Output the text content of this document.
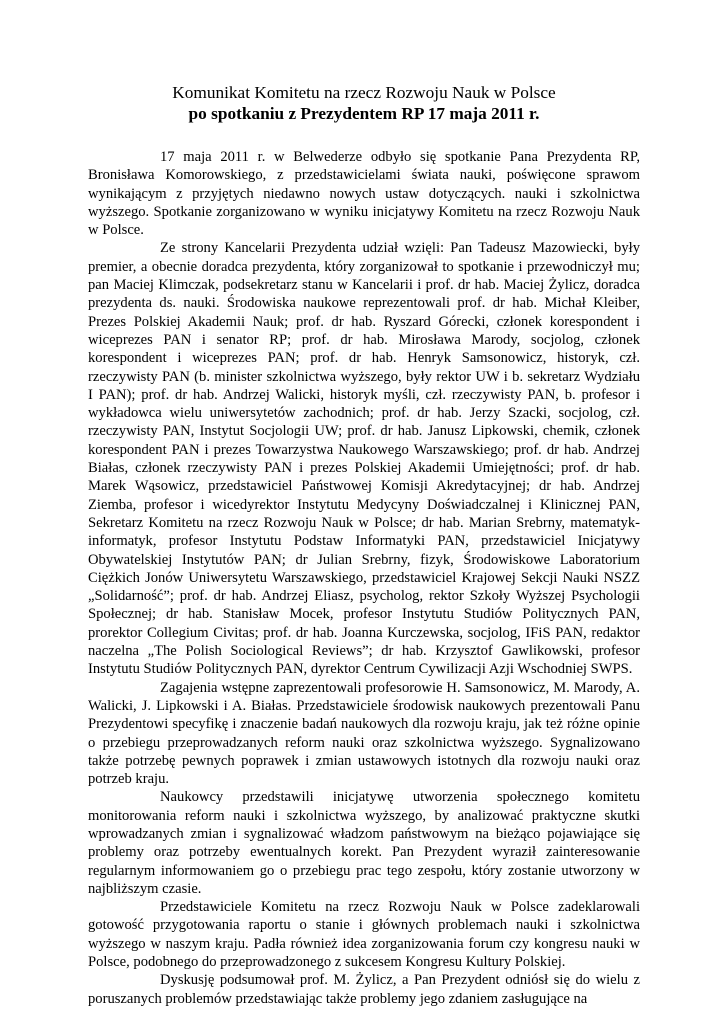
Komunikat Komitetu na rzecz Rozwoju Nauk w Polsce
po spotkaniu z Prezydentem RP 17 maja 2011 r.

17 maja 2011 r. w Belwederze odbyło się spotkanie Pana Prezydenta RP, Bronisława Komorowskiego, z przedstawicielami świata nauki, poświęcone sprawom wynikającym z przyjętych niedawno nowych ustaw dotyczących. nauki i szkolnictwa wyższego. Spotkanie zorganizowano w wyniku inicjatywy Komitetu na rzecz Rozwoju Nauk w Polsce.

Ze strony Kancelarii Prezydenta udział wzięli: Pan Tadeusz Mazowiecki, były premier, a obecnie doradca prezydenta, który zorganizował to spotkanie i przewodniczył mu; pan Maciej Klimczak, podsekretarz stanu w Kancelarii i prof. dr hab. Maciej Żylicz, doradca prezydenta ds. nauki. Środowiska naukowe reprezentowali prof. dr hab. Michał Kleiber, Prezes Polskiej Akademii Nauk; prof. dr hab. Ryszard Górecki, członek korespondent i wiceprezes PAN i senator RP; prof. dr hab. Mirosława Marody, socjolog, członek korespondent i wiceprezes PAN; prof. dr hab. Henryk Samsonowicz, historyk, czł. rzeczywisty PAN (b. minister szkolnictwa wyższego, były rektor UW i b. sekretarz Wydziału I PAN); prof. dr hab. Andrzej Walicki, historyk myśli, czł. rzeczywisty PAN, b. profesor i wykładowca wielu uniwersytetów zachodnich; prof. dr hab. Jerzy Szacki, socjolog, czł. rzeczywisty PAN, Instytut Socjologii UW; prof. dr hab. Janusz Lipkowski, chemik, członek korespondent PAN i prezes Towarzystwa Naukowego Warszawskiego; prof. dr hab. Andrzej Białas, członek rzeczywisty PAN i prezes Polskiej Akademii Umiejętności; prof. dr hab. Marek Wąsowicz, przedstawiciel Państwowej Komisji Akredytacyjnej; dr hab. Andrzej Ziemba, profesor i wicedyrektor Instytutu Medycyny Doświadczalnej i Klinicznej PAN, Sekretarz Komitetu na rzecz Rozwoju Nauk w Polsce; dr hab. Marian Srebrny, matematyk-informatyk, profesor Instytutu Podstaw Informatyki PAN, przedstawiciel Inicjatywy Obywatelskiej Instytutów PAN; dr Julian Srebrny, fizyk, Środowiskowe Laboratorium Ciężkich Jonów Uniwersytetu Warszawskiego, przedstawiciel Krajowej Sekcji Nauki NSZZ „Solidarność”; prof. dr hab. Andrzej Eliasz, psycholog, rektor Szkoły Wyższej Psychologii Społecznej; dr hab. Stanisław Mocek, profesor Instytutu Studiów Politycznych PAN, prorektor Collegium Civitas; prof. dr hab. Joanna Kurczewska, socjolog, IFiS PAN, redaktor naczelna „The Polish Sociological Reviews”; dr hab. Krzysztof Gawlikowski, profesor Instytutu Studiów Politycznych PAN, dyrektor Centrum Cywilizacji Azji Wschodniej SWPS.

Zagajenia wstępne zaprezentowali profesorowie H. Samsonowicz, M. Marody, A. Walicki, J. Lipkowski i A. Białas. Przedstawiciele środowisk naukowych prezentowali Panu Prezydentowi specyfikę i znaczenie badań naukowych dla rozwoju kraju, jak też różne opinie o przebiegu przeprowadzanych reform nauki oraz szkolnictwa wyższego. Sygnalizowano także potrzebę pewnych poprawek i zmian ustawowych istotnych dla rozwoju nauki oraz potrzeb kraju.

Naukowcy przedstawili inicjatywę utworzenia społecznego komitetu monitorowania reform nauki i szkolnictwa wyższego, by analizować praktyczne skutki wprowadzanych zmian i sygnalizować władzom państwowym na bieżąco pojawiające się problemy oraz potrzeby ewentualnych korekt. Pan Prezydent wyraził zainteresowanie regularnym informowaniem go o przebiegu prac tego zespołu, który zostanie utworzony w najbliższym czasie.

Przedstawiciele Komitetu na rzecz Rozwoju Nauk w Polsce zadeklarowali gotowość przygotowania raportu o stanie i głównych problemach nauki i szkolnictwa wyższego w naszym kraju. Padła również idea zorganizowania forum czy kongresu nauki w Polsce, podobnego do przeprowadzonego z sukcesem Kongresu Kultury Polskiej.

Dyskusję podsumował prof. M. Żylicz, a Pan Prezydent odniósł się do wielu z poruszanych problemów przedstawiając także problemy jego zdaniem zasługujące na
